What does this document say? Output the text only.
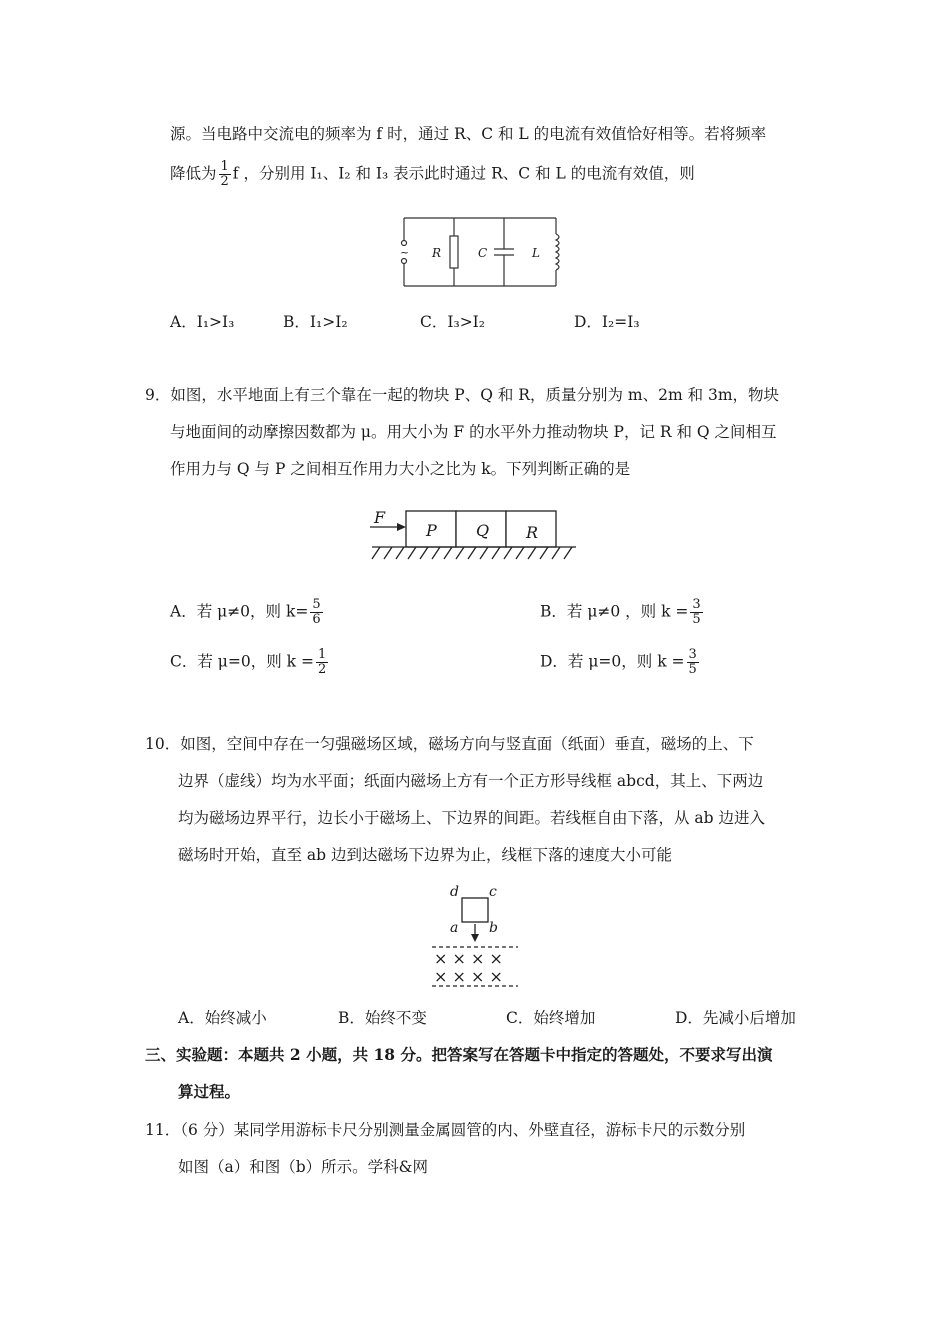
源。当电路中交流电的频率为 f 时，通过 R、C 和 L 的电流有效值恰好相等。若将频率
降低为 $\frac{1}{2}$ f ，分别用 I₁、I₂ 和 I₃ 表示此时通过 R、C 和 L 的电流有效值，则
~ R	C	L
A．I₁>I₃	B．I₁>I₂	C．I₃>I₂	D．I₂=I₃
9．如图，水平地面上有三个靠在一起的物块 P、Q 和 R，质量分别为 m、2m 和 3m，物块
与地面间的动摩擦因数都为 μ。用大小为 F 的水平外力推动物块 P，记 R 和 Q 之间相互
作用力与 Q 与 P 之间相互作用力大小之比为 k。下列判断正确的是
F
P Q R
A．若 μ≠0，则 $k= \frac{5}{6}$	B．若 μ≠0 ，则 $k = \frac{3}{5}$
C．若 μ=0，则 $k = \frac{1}{2}$	D．若 μ=0，则 $k = \frac{3}{5}$
10．如图，空间中存在一匀强磁场区域，磁场方向与竖直面（纸面）垂直，磁场的上、下
边界（虚线）均为水平面；纸面内磁场上方有一个正方形导线框 abcd，其上、下两边
均为磁场边界平行，边长小于磁场上、下边界的间距。若线框自由下落，从 ab 边进入
磁场时开始，直至 ab 边到达磁场下边界为止，线框下落的速度大小可能
d c
a b
× × × ×
× × × ×
A．始终减小	B．始终不变	C．始终增加	D．先减小后增加
三、实验题：本题共 2 小题，共 18 分。把答案写在答题卡中指定的答题处，不要求写出演
算过程。
11．（6 分）某同学用游标卡尺分别测量金属圆管的内、外壁直径，游标卡尺的示数分别
如图（a）和图（b）所示。学科&网
